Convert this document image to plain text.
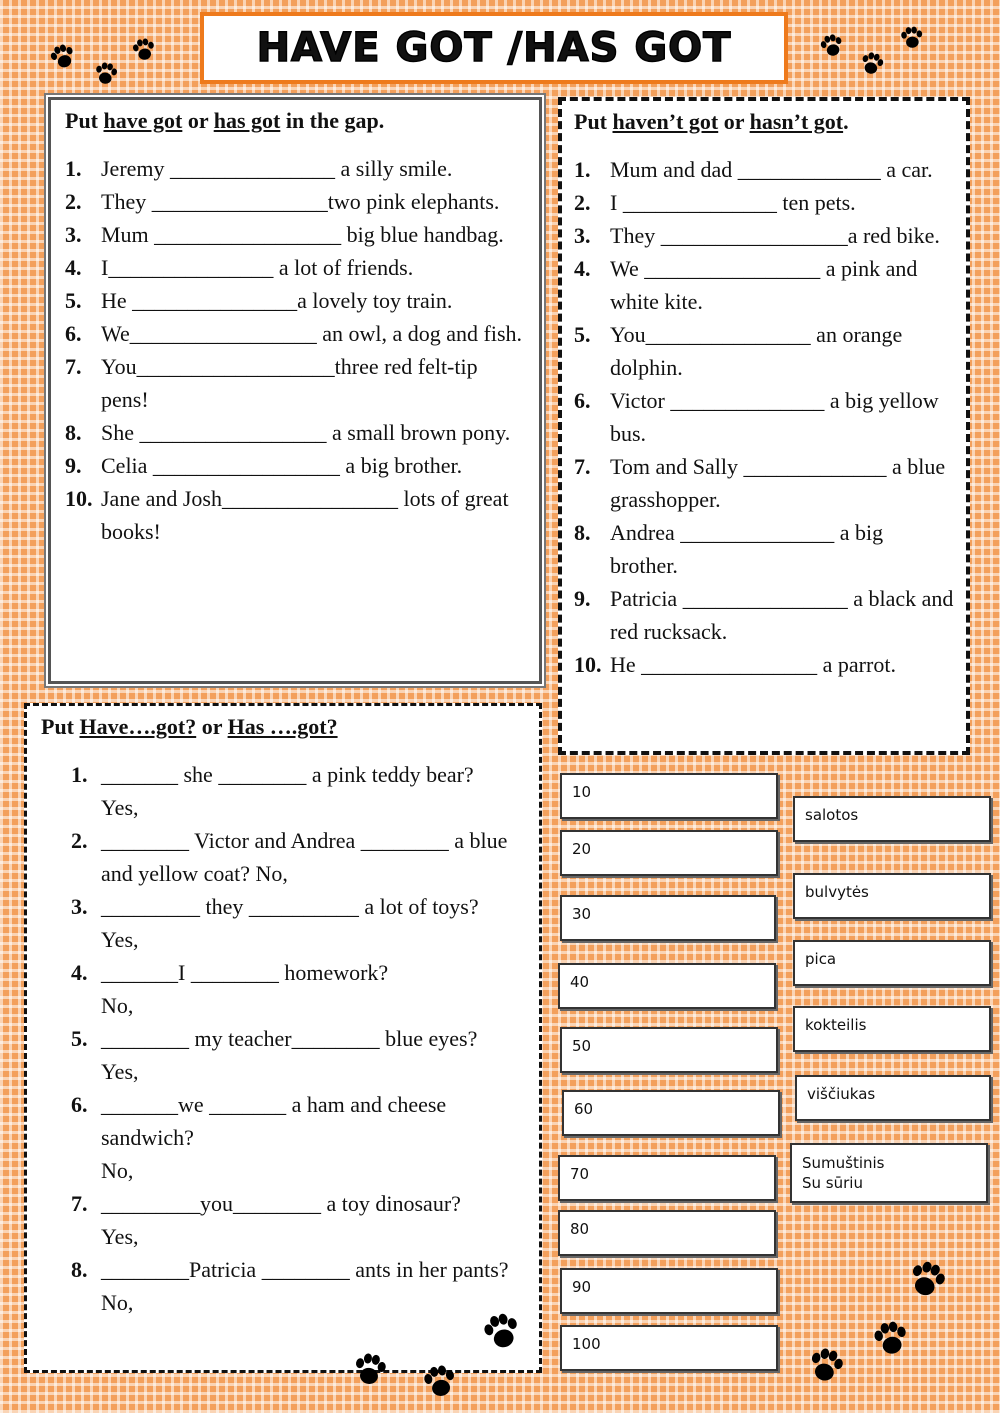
HAVE GOT /HAS GOT

Put have got or has got in the gap.

1. Jeremy _______________ a silly smile.
2. They ________________two pink elephants.
3. Mum _________________ big blue handbag.
4. I_______________ a lot of friends.
5. He _______________a lovely toy train.
6. We_________________ an owl, a dog and fish.
7. You__________________three red felt-tip pens!
8. She _________________ a small brown pony.
9. Celia _________________ a big brother.
10. Jane and Josh________________ lots of great books!

Put haven’t got or hasn’t got.

1. Mum and dad _____________ a car.
2. I ______________ ten pets.
3. They _________________a red bike.
4. We ________________ a pink and white kite.
5. You_______________ an orange dolphin.
6. Victor ______________ a big yellow bus.
7. Tom and Sally _____________ a blue grasshopper.
8. Andrea ______________ a big brother.
9. Patricia _______________ a black and red rucksack.
10. He ________________ a parrot.

Put Have….got? or Has ….got?

1. _______ she ________ a pink teddy bear?
Yes,
2. ________ Victor and Andrea ________ a blue and yellow coat? No,
3. _________ they __________ a lot of toys?
Yes,
4. _______I ________ homework?
No,
5. ________ my teacher________ blue eyes?
Yes,
6. _______we _______ a ham and cheese sandwich?
No,
7. _________you________ a toy dinosaur?
Yes,
8. ________Patricia ________ ants in her pants?
No,
10
20
30
40
50
60
70
80
90
100
salotos
bulvytės
pica
kokteilis
viščiukas
Sumuštinis
Su sūriu
